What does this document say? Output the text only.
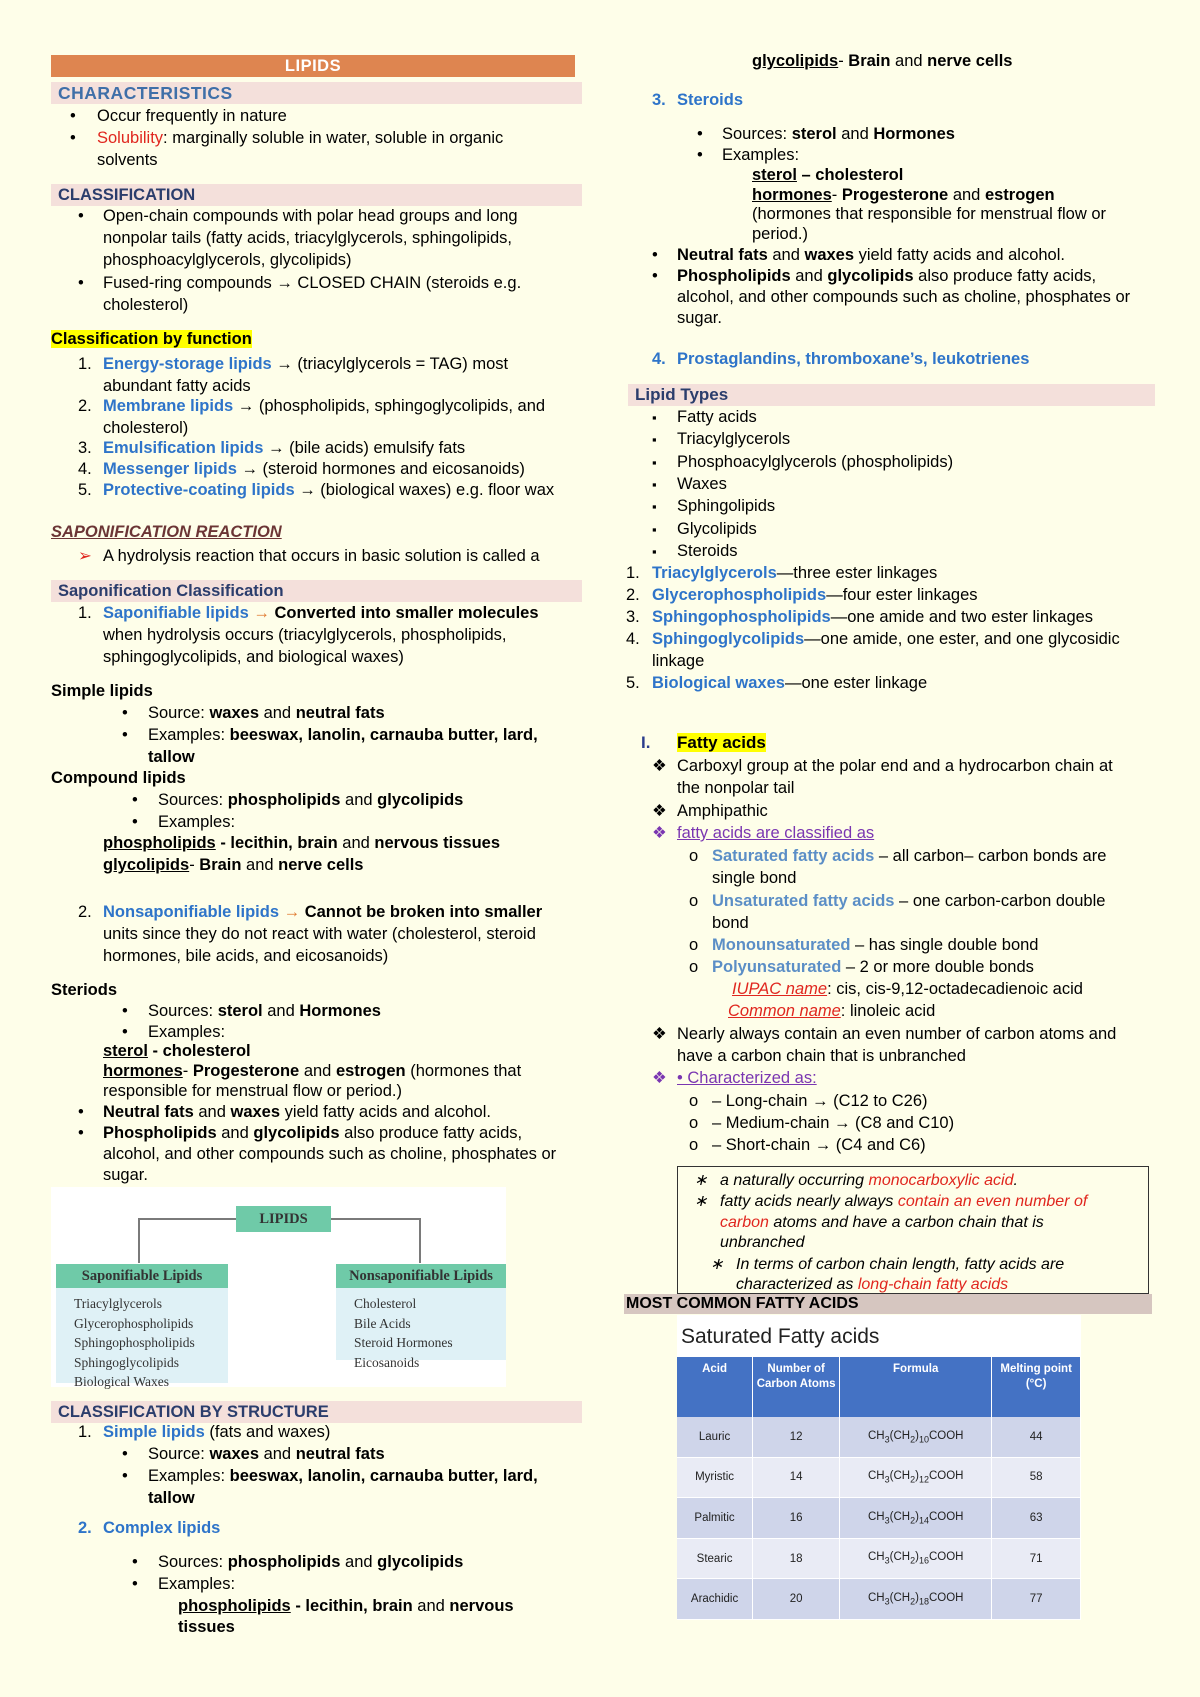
LIPIDS
CHARACTERISTICS
• Occur frequently in nature
• Solubility: marginally soluble in water, soluble in organic
solvents
CLASSIFICATION
• Open-chain compounds with polar head groups and long
nonpolar tails (fatty acids, triacylglycerols, sphingolipids,
phosphoacylglycerols, glycolipids)
• Fused-ring compounds → CLOSED CHAIN (steroids e.g.
cholesterol)
Classification by function
1. Energy-storage lipids → (triacylglycerols = TAG) most
abundant fatty acids
2. Membrane lipids → (phospholipids, sphingoglycolipids, and
cholesterol)
3. Emulsification lipids → (bile acids) emulsify fats
4. Messenger lipids → (steroid hormones and eicosanoids)
5. Protective-coating lipids → (biological waxes) e.g. floor wax
SAPONIFICATION REACTION
➢ A hydrolysis reaction that occurs in basic solution is called a
Saponification Classification
1. Saponifiable lipids → Converted into smaller molecules
when hydrolysis occurs (triacylglycerols, phospholipids,
sphingoglycolipids, and biological waxes)
Simple lipids
• Source: waxes and neutral fats
• Examples: beeswax, lanolin, carnauba butter, lard,
tallow
Compound lipids
• Sources: phospholipids and glycolipids
• Examples:
phospholipids - lecithin, brain and nervous tissues
glycolipids- Brain and nerve cells
2. Nonsaponifiable lipids → Cannot be broken into smaller
units since they do not react with water (cholesterol, steroid
hormones, bile acids, and eicosanoids)
Steriods
• Sources: sterol and Hormones
• Examples:
sterol - cholesterol
hormones- Progesterone and estrogen (hormones that
responsible for menstrual flow or period.)
• Neutral fats and waxes yield fatty acids and alcohol.
• Phospholipids and glycolipids also produce fatty acids,
alcohol, and other compounds such as choline, phosphates or
sugar.
LIPIDS
Saponifiable Lipids
Triacylglycerols
Glycerophospholipids
Sphingophospholipids
Sphingoglycolipids
Biological Waxes
Nonsaponifiable Lipids
Cholesterol
Bile Acids
Steroid Hormones
Eicosanoids
CLASSIFICATION BY STRUCTURE
1. Simple lipids (fats and waxes)
• Source: waxes and neutral fats
• Examples: beeswax, lanolin, carnauba butter, lard,
tallow
2. Complex lipids
• Sources: phospholipids and glycolipids
• Examples:
phospholipids - lecithin, brain and nervous
tissues
glycolipids- Brain and nerve cells
3. Steroids
• Sources: sterol and Hormones
• Examples:
sterol – cholesterol
hormones- Progesterone and estrogen
(hormones that responsible for menstrual flow or
period.)
• Neutral fats and waxes yield fatty acids and alcohol.
• Phospholipids and glycolipids also produce fatty acids,
alcohol, and other compounds such as choline, phosphates or
sugar.
4. Prostaglandins, thromboxane’s, leukotrienes
Lipid Types
▪ Fatty acids
▪ Triacylglycerols
▪ Phosphoacylglycerols (phospholipids)
▪ Waxes
▪ Sphingolipids
▪ Glycolipids
▪ Steroids
1. Triacylglycerols—three ester linkages
2. Glycerophospholipids—four ester linkages
3. Sphingophospholipids—one amide and two ester linkages
4. Sphingoglycolipids—one amide, one ester, and one glycosidic
linkage
5. Biological waxes—one ester linkage
I. Fatty acids
❖ Carboxyl group at the polar end and a hydrocarbon chain at
the nonpolar tail
❖ Amphipathic
❖ fatty acids are classified as
o Saturated fatty acids – all carbon– carbon bonds are
single bond
o Unsaturated fatty acids – one carbon-carbon double
bond
o Monounsaturated – has single double bond
o Polyunsaturated – 2 or more double bonds
IUPAC name: cis, cis-9,12-octadecadienoic acid
Common name: linoleic acid
❖ Nearly always contain an even number of carbon atoms and
have a carbon chain that is unbranched
❖ • Characterized as:
o – Long-chain → (C12 to C26)
o – Medium-chain → (C8 and C10)
o – Short-chain → (C4 and C6)
∗ a naturally occurring monocarboxylic acid.
∗ fatty acids nearly always contain an even number of
carbon atoms and have a carbon chain that is
unbranched
∗ In terms of carbon chain length, fatty acids are
characterized as long-chain fatty acids
MOST COMMON FATTY ACIDS
Saturated Fatty acids
Acid	Number of Carbon Atoms	Formula	Melting point (°C)
Lauric	12	$CH_3(CH_2)_{10}COOH$	44
Myristic	14	$CH_3(CH_2)_{12}COOH$	58
Palmitic	16	$CH_3(CH_2)_{14}COOH$	63
Stearic	18	$CH_3(CH_2)_{16}COOH$	71
Arachidic	20	$CH_3(CH_2)_{18}COOH$	77
